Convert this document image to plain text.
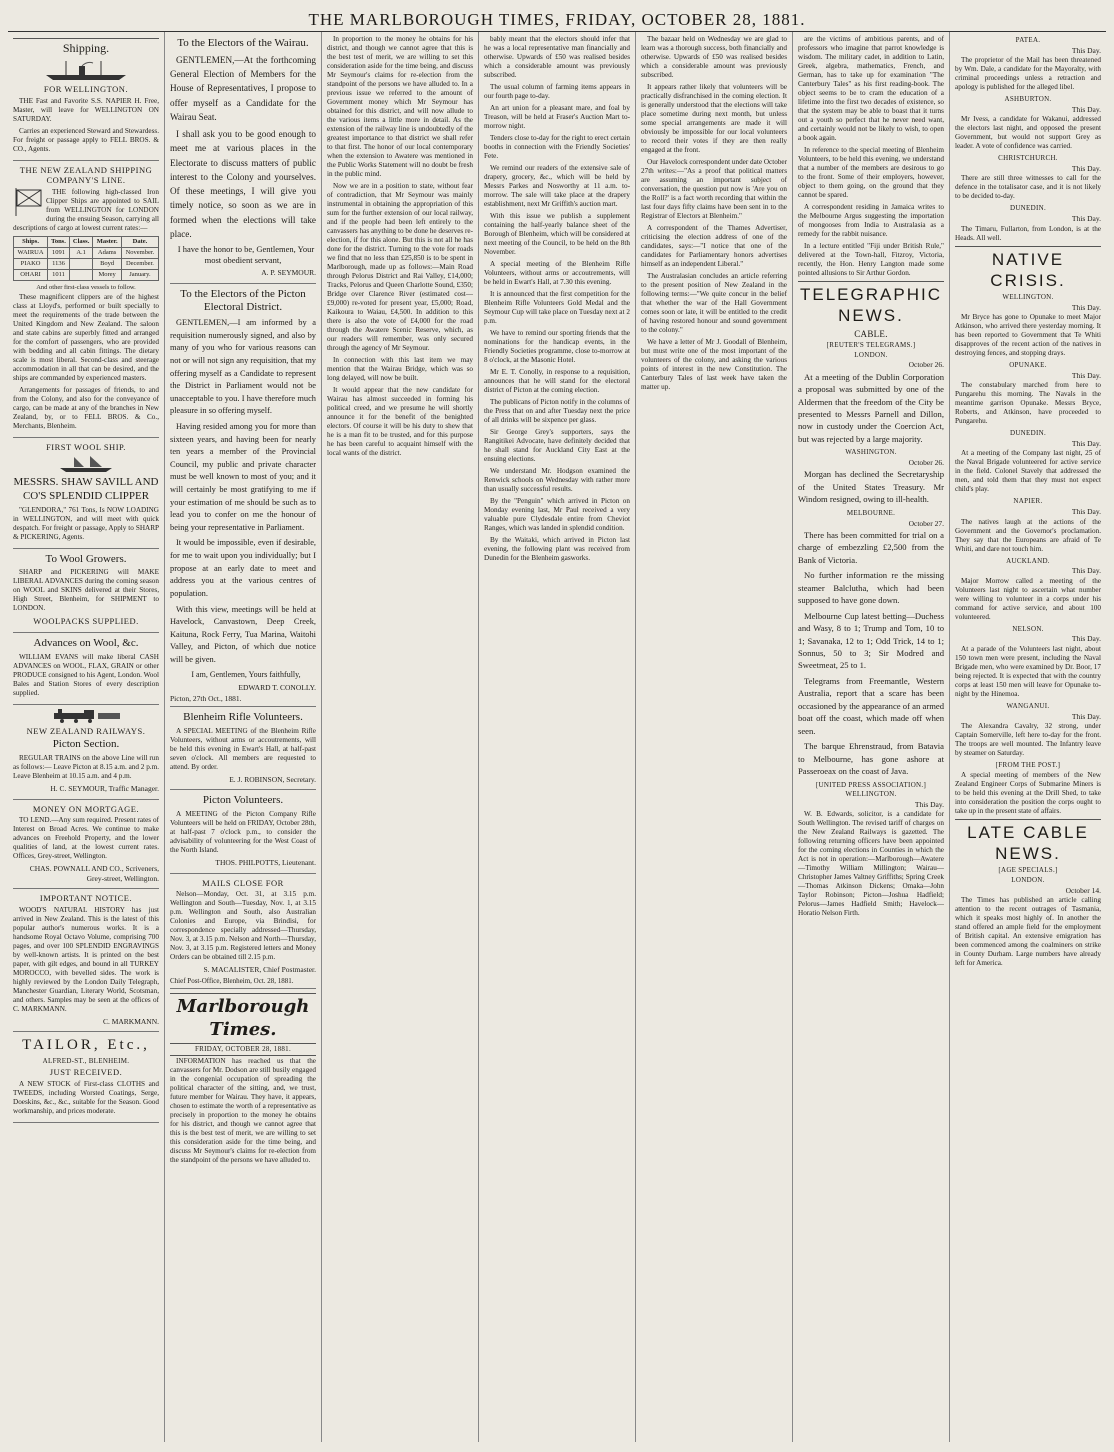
THE MARLBOROUGH TIMES, FRIDAY, OCTOBER 28, 1881.
Shipping.
FOR WELLINGTON.

THE Fast and Favorite S.S. NAPIER H. Free, Master, will leave for WELLINGTON ON SATURDAY.

Carries an experienced Steward and Stewardess. For freight or passage apply to FELL BROS. & CO., Agents.

THE NEW ZEALAND SHIPPING COMPANY'S LINE.

THE following high-classed Iron Clipper Ships are appointed to SAIL from WELLINGTON for LONDON during the ensuing Season, carrying all descriptions of cargo at lowest current rates:—

Ships.	Tons.	Class.	Master.	Date.
WAIRUA	1091	A.1	Adams	November.
PIAKO	1136		Boyd	December.
OHARI	1011		Morey	January.
And other first-class vessels to follow.

These magnificent clippers are of the highest class at Lloyd's, performed or built specially to meet the requirements of the trade between the United Kingdom and New Zealand. The saloon and state cabins are superbly fitted and arranged for the comfort of passengers, who are provided with bedding and all cabin fittings. The dietary scale is most liberal. Second-class and steerage accommodation in all that can be desired, and the ships are commanded by experienced masters.

Arrangements for passages of friends, to and from the Colony, and also for the conveyance of cargo, can be made at any of the branches in New Zealand, by, or to FELL BROS. & Co., Merchants, Blenheim.

FIRST WOOL SHIP.
MESSRS. SHAW SAVILL AND CO'S SPLENDID CLIPPER

"GLENDORA," 761 Tons, Is NOW LOADING in WELLINGTON, and will meet with quick despatch. For freight or passage, Apply to SHARP & PICKERING, Agents.

To Wool Growers.

SHARP and PICKERING will MAKE LIBERAL ADVANCES during the coming season on WOOL and SKINS delivered at their Stores, High Street, Blenheim, for SHIPMENT to LONDON.

WOOLPACKS SUPPLIED.
Advances on Wool, &c.

WILLIAM EVANS will make liberal CASH ADVANCES on WOOL, FLAX, GRAIN or other PRODUCE consigned to his Agent, London. Wool Bales and Station Stores of every description supplied.

NEW ZEALAND RAILWAYS.
Picton Section.

REGULAR TRAINS on the above Line will run as follows:— Leave Picton at 8.15 a.m. and 2 p.m. Leave Blenheim at 10.15 a.m. and 4 p.m.

H. C. SEYMOUR, Traffic Manager.
MONEY ON MORTGAGE.

TO LEND.—Any sum required. Present rates of Interest on Broad Acres. We continue to make advances on Freehold Property, and the lower qualities of land, at the lowest current rates. Offices, Grey-street, Wellington.

CHAS. POWNALL AND CO., Scriveners, Grey-street, Wellington.
IMPORTANT NOTICE.

WOOD'S NATURAL HISTORY has just arrived in New Zealand. This is the latest of this popular author's numerous works. It is a handsome Royal Octavo Volume, comprising 700 pages, and over 100 SPLENDID ENGRAVINGS by well-known artists. It is printed on the best paper, with gilt edges, and bound in all TURKEY MOROCCO, with bevelled sides. The work is highly reviewed by the London Daily Telegraph, Manchester Guardian, Literary World, Scotsman, and others. Samples may be seen at the offices of C. MARKMANN.

C. MARKMANN.
TAILOR, Etc.,
ALFRED-ST., BLENHEIM.
JUST RECEIVED.

A NEW STOCK of First-class CLOTHS and TWEEDS, including Worsted Coatings, Serge, Doeskins, &c., &c., suitable for the Season. Good workmanship, and prices moderate.

To the Electors of the Wairau.

GENTLEMEN,—At the forthcoming General Election of Members for the House of Representatives, I propose to offer myself as a Candidate for the Wairau Seat.

I shall ask you to be good enough to meet me at various places in the Electorate to discuss matters of public interest to the Colony and yourselves. Of these meetings, I will give you timely notice, so soon as we are in formed when the elections will take place.

I have the honor to be, Gentlemen, Your most obedient servant,

A. P. SEYMOUR.
To the Electors of the Picton Electoral District.

GENTLEMEN,—I am informed by a requisition numerously signed, and also by many of you who for various reasons can not or will not sign any requisition, that my offering myself as a Candidate to represent the District in Parliament would not be unacceptable to you. I have therefore much pleasure in so offering myself.

Having resided among you for more than sixteen years, and having been for nearly ten years a member of the Provincial Council, my public and private character must be well known to most of you; and it will certainly be most gratifying to me if your estimation of me should be such as to lead you to confer on me the honour of being your representative in Parliament.

It would be impossible, even if desirable, for me to wait upon you individually; but I propose at an early date to meet and address you at the various centres of population.

With this view, meetings will be held at Havelock, Canvastown, Deep Creek, Kaituna, Rock Ferry, Tua Marina, Waitohi Valley, and Picton, of which due notice will be given.

I am, Gentlemen, Yours faithfully,

EDWARD T. CONOLLY.
Picton, 27th Oct., 1881.
Blenheim Rifle Volunteers.

A SPECIAL MEETING of the Blenheim Rifle Volunteers, without arms or accoutrements, will be held this evening in Ewart's Hall, at half-past seven o'clock. All members are requested to attend. By order.

E. J. ROBINSON, Secretary.
Picton Volunteers.

A MEETING of the Picton Company Rifle Volunteers will be held on FRIDAY, October 28th, at half-past 7 o'clock p.m., to consider the advisability of volunteering for the West Coast of the North Island.

THOS. PHILPOTTS, Lieutenant.
MAILS CLOSE FOR

Nelson—Monday, Oct. 31, at 3.15 p.m. Wellington and South—Tuesday, Nov. 1, at 3.15 p.m. Wellington and South, also Australian Colonies and Europe, via Brindisi, for correspondence specially addressed—Thursday, Nov. 3, at 3.15 p.m. Nelson and North—Thursday, Nov. 3, at 3.15 p.m. Registered letters and Money Orders can be obtained till 2.15 p.m.

S. MACALISTER, Chief Postmaster.
Chief Post-Office, Blenheim, Oct. 28, 1881.
Marlborough Times.
FRIDAY, OCTOBER 28, 1881.

INFORMATION has reached us that the canvassers for Mr. Dodson are still busily engaged in the congenial occupation of spreading the political character of the sitting, and, we trust, future member for Wairau. They have, it appears, chosen to estimate the worth of a representative as precisely in proportion to the money he obtains for his district, and though we cannot agree that this is the best test of merit, we are willing to set this consideration aside for the time being, and discuss Mr Seymour's claims for re-election from the standpoint of the persons we have alluded to.

In proportion to the money he obtains for his district, and though we cannot agree that this is the best test of merit, we are willing to set this consideration aside for the time being, and discuss Mr Seymour's claims for re-election from the standpoint of the persons we have alluded to. In a previous issue we referred to the amount of Government money which Mr Seymour has obtained for this district, and will now allude to the various items a little more in detail. As the extension of the railway line is undoubtedly of the greatest importance to that district we shall refer to that first. The honor of our local contemporary when the extension to Awatere was mentioned in the Public Works Statement will no doubt be fresh in the public mind.

Now we are in a position to state, without fear of contradiction, that Mr Seymour was mainly instrumental in obtaining the appropriation of this sum for the further extension of our local railway, and if the people had been left entirely to the canvassers has anything to be done he deserves re-election, if for this alone. But this is not all he has done for the district. Turning to the vote for roads we find that no less than £25,850 is to be spent in Marlborough, made up as follows:—Main Road through Pelorus District and Rai Valley, £14,000; Tracks, Pelorus and Queen Charlotte Sound, £350; Bridge over Clarence River (estimated cost—£9,000) re-voted for present year, £5,000; Road, Kaikoura to Waiau, £4,500. In addition to this there is also the vote of £4,000 for the road through the Awatere Scenic Reserve, which, as our readers will remember, was only secured through the agency of Mr Seymour.

In connection with this last item we may mention that the Wairau Bridge, which was so long delayed, will now be built.

It would appear that the new candidate for Wairau has almost succeeded in forming his political creed, and we presume he will shortly announce it for the benefit of the benighted electors. Of course it will be his duty to shew that he is a man fit to be trusted, and for this purpose he has been careful to acquaint himself with the local wants of the district.

bably meant that the electors should infer that he was a local representative man financially and otherwise. Upwards of £50 was realised besides which a considerable amount was previously subscribed.

The usual column of farming items appears in our fourth page to-day.

An art union for a pleasant mare, and foal by Treason, will be held at Fraser's Auction Mart to-morrow night.

Tenders close to-day for the right to erect certain booths in connection with the Friendly Societies' Fete.

We remind our readers of the extensive sale of drapery, grocery, &c., which will be held by Messrs Parkes and Nosworthy at 11 a.m. to-morrow. The sale will take place at the drapery establishment, next Mr Griffith's auction mart.

With this issue we publish a supplement containing the half-yearly balance sheet of the Borough of Blenheim, which will be considered at next meeting of the Council, to be held on the 8th November.

A special meeting of the Blenheim Rifle Volunteers, without arms or accoutrements, will be held in Ewart's Hall, at 7.30 this evening.

It is announced that the first competition for the Blenheim Rifle Volunteers Gold Medal and the Seymour Cup will take place on Tuesday next at 2 p.m.

We have to remind our sporting friends that the nominations for the handicap events, in the Friendly Societies programme, close to-morrow at 8 o'clock, at the Masonic Hotel.

Mr E. T. Conolly, in response to a requisition, announces that he will stand for the electoral district of Picton at the coming election.

The publicans of Picton notify in the columns of the Press that on and after Tuesday next the price of all drinks will be sixpence per glass.

Sir George Grey's supporters, says the Rangitikei Advocate, have definitely decided that he shall stand for Auckland City East at the ensuing elections.

We understand Mr. Hodgson examined the Renwick schools on Wednesday with rather more than usually successful results.

By the "Penguin" which arrived in Picton on Monday evening last, Mr Paul received a very valuable pure Clydesdale entire from Cheviot Ranges, which was landed in splendid condition.

By the Waitaki, which arrived in Picton last evening, the following plant was received from Dunedin for the Blenheim gasworks.

The bazaar held on Wednesday we are glad to learn was a thorough success, both financially and otherwise. Upwards of £50 was realised besides which a considerable amount was previously subscribed.

It appears rather likely that volunteers will be practically disfranchised in the coming election. It is generally understood that the elections will take place sometime during next month, but unless some special arrangements are made it will obviously be impossible for our local volunteers to record their votes if they are then really engaged at the front.

Our Havelock correspondent under date October 27th writes:—"As a proof that political matters are assuming an important subject of conversation, the question put now is 'Are you on the Roll?' is a fact worth recording that within the last four days fifty claims have been sent in to the Registrar of Electors at Blenheim."

A correspondent of the Thames Advertiser, criticising the election address of one of the candidates, says:—"I notice that one of the candidates for Parliamentary honors advertises himself as an independent Liberal."

The Australasian concludes an article referring to the present position of New Zealand in the following terms:—"We quite concur in the belief that whether the war of the Hall Government comes soon or late, it will be entitled to the credit of having restored honour and sound government to the colony."

We have a letter of Mr J. Goodall of Blenheim, but must write one of the most important of the volunteers of the colony, and asking the various points of interest in the new Constitution. The Canterbury Tales of last week have taken the matter up.

are the victims of ambitious parents, and of professors who imagine that parrot knowledge is wisdom. The military cadet, in addition to Latin, Greek, algebra, mathematics, French, and German, has to take up for examination "The Canterbury Tales" as his first reading-book. The object seems to be to cram the education of a lifetime into the first two decades of existence, so that the system may be able to boast that it turns out a youth so perfect that he never need want, and certainly would not be likely to wish, to open a book again.

In reference to the special meeting of Blenheim Volunteers, to be held this evening, we understand that a number of the members are desirous to go to the front. Some of their employers, however, object to them going, on the ground that they cannot be spared.

A correspondent residing in Jamaica writes to the Melbourne Argus suggesting the importation of mongooses from India to Australasia as a remedy for the rabbit nuisance.

In a lecture entitled "Fiji under British Rule," delivered at the Town-hall, Fitzroy, Victoria, recently, the Hon. Henry Langton made some pointed allusions to Sir Arthur Gordon.

TELEGRAPHIC NEWS.
CABLE.
[REUTER'S TELEGRAMS.]
LONDON.
October 26.

At a meeting of the Dublin Corporation a proposal was submitted by one of the Aldermen that the freedom of the City be presented to Messrs Parnell and Dillon, now in custody under the Coercion Act, but was rejected by a large majority.

WASHINGTON.
October 26.

Morgan has declined the Secretaryship of the United States Treasury. Mr Windom resigned, owing to ill-health.

MELBOURNE.
October 27.

There has been committed for trial on a charge of embezzling £2,500 from the Bank of Victoria.

No further information re the missing steamer Balclutha, which had been supposed to have gone down.

Melbourne Cup latest betting—Duchess and Wasy, 8 to 1; Trump and Tom, 10 to 1; Savanaka, 12 to 1; Odd Trick, 14 to 1; Sonnus, 50 to 3; Sir Modred and Sweetmeat, 25 to 1.

Telegrams from Freemantle, Western Australia, report that a scare has been occasioned by the appearance of an armed boat off the coast, which made off when seen.

The barque Ehrenstraud, from Batavia to Melbourne, has gone ashore at Passeroeax on the coast of Java.

[UNITED PRESS ASSOCIATION.]
WELLINGTON.
This Day.

W. B. Edwards, solicitor, is a candidate for South Wellington. The revised tariff of charges on the New Zealand Railways is gazetted. The following returning officers have been appointed for the coming elections in Counties in which the Act is not in operation:—Marlborough—Awatere—Timothy William Millington; Wairau—Christopher James Valtney Griffiths; Spring Creek—Thomas Atkinson Dickens; Omaka—John Taylor Robinson; Picton—Joshua Hadfield; Pelorus—James Hadfield Smith; Havelock—Horatio Nelson Firth.

PATEA.
This Day.

The proprietor of the Mail has been threatened by Wm. Dale, a candidate for the Mayoralty, with criminal proceedings unless a retraction and apology is published for the alleged libel.

ASHBURTON.
This Day.

Mr Ivess, a candidate for Wakanui, addressed the electors last night, and opposed the present Government, but would not support Grey as leader. A vote of confidence was carried.

CHRISTCHURCH.
This Day.

There are still three witnesses to call for the defence in the totalisator case, and it is not likely to be decided to-day.

DUNEDIN.
This Day.

The Timaru, Fullarton, from London, is at the Heads. All well.

NATIVE CRISIS.
WELLINGTON.
This Day.

Mr Bryce has gone to Opunake to meet Major Atkinson, who arrived there yesterday morning. It has been reported to Government that Te Whiti disapproves of the recent action of the natives in destroying fences, and stopping drays.

OPUNAKE.
This Day.

The constabulary marched from here to Pungarehu this morning. The Navals in the meantime garrison Opunake. Messrs Bryce, Roberts, and Atkinson, have proceeded to Pungarehu.

DUNEDIN.
This Day.

At a meeting of the Company last night, 25 of the Naval Brigade volunteered for active service in the field. Colonel Stavely that addressed the men, and told them that they must not expect child's play.

NAPIER.
This Day.

The natives laugh at the actions of the Government and the Governor's proclamation. They say that the Europeans are afraid of Te Whiti, and dare not touch him.

AUCKLAND.
This Day.

Major Morrow called a meeting of the Volunteers last night to ascertain what number were willing to volunteer in a corps under his command for active service, and about 100 volunteered.

NELSON.
This Day.

At a parade of the Volunteers last night, about 150 town men were present, including the Naval Brigade men, who were examined by Dr. Boor, 17 being rejected. It is expected that with the country corps at least 150 men will leave for Opunake to-night by the Hinemoa.

WANGANUI.
This Day.

The Alexandra Cavalry, 32 strong, under Captain Somerville, left here to-day for the front. The troops are well mounted. The Infantry leave by steamer on Saturday.

[FROM THE POST.]

A special meeting of members of the New Zealand Engineer Corps of Submarine Miners is to be held this evening at the Drill Shed, to take into consideration the position the corps ought to take up in the present state of affairs.

LATE CABLE NEWS.
[AGE SPECIALS.]
LONDON.
October 14.

The Times has published an article calling attention to the recent outrages of Tasmania, which it speaks most highly of. In another the stand offered an ample field for the employment of British capital. An extensive emigration has been commenced among the coalminers on strike in County Durham. Large numbers have already left for America.
